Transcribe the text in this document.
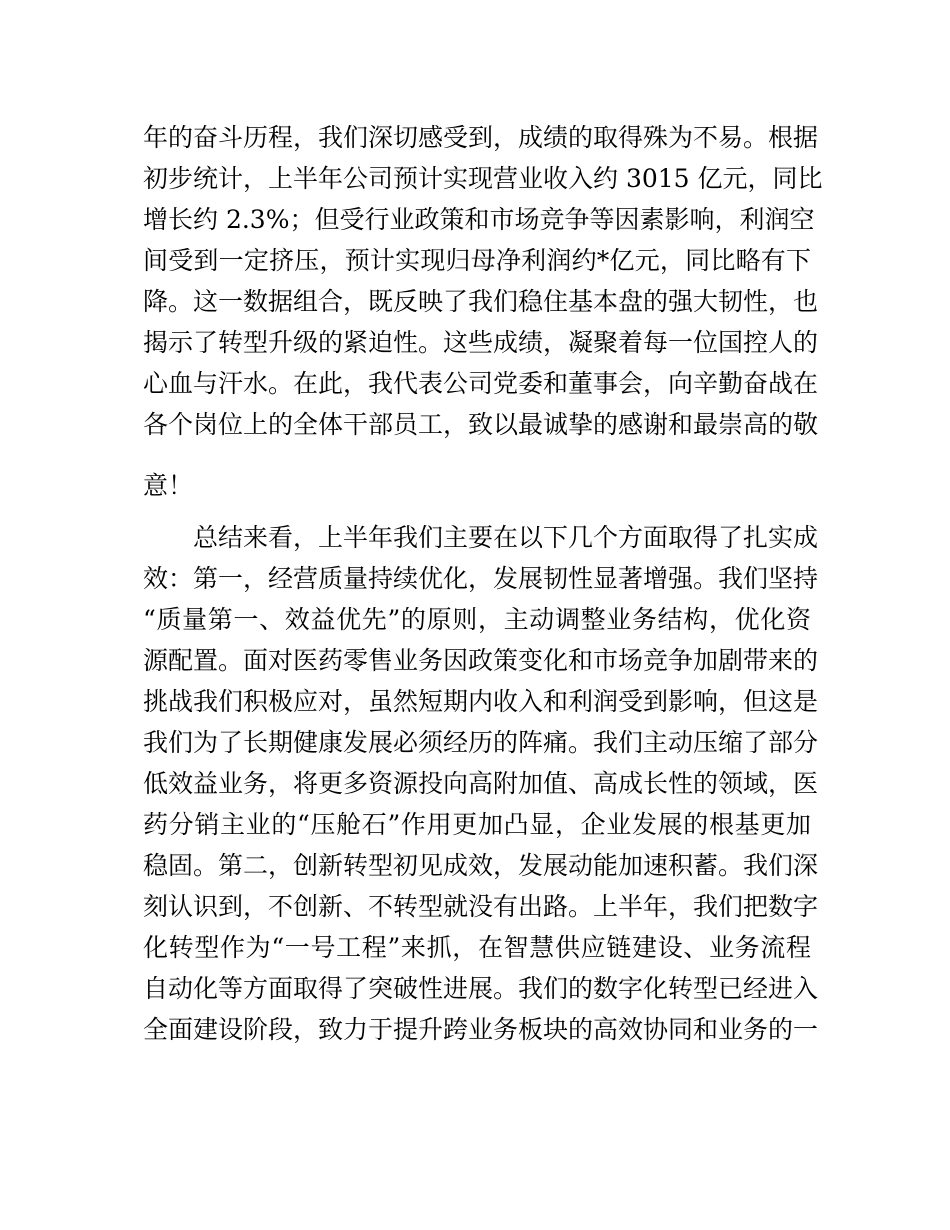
年的奋斗历程，我们深切感受到，成绩的取得殊为不易。根据
初步统计，上半年公司预计实现营业收入约 3015 亿元，同比
增长约 2.3%；但受行业政策和市场竞争等因素影响，利润空
间受到一定挤压，预计实现归母净利润约*亿元，同比略有下
降。这一数据组合，既反映了我们稳住基本盘的强大韧性，也
揭示了转型升级的紧迫性。这些成绩，凝聚着每一位国控人的
心血与汗水。在此，我代表公司党委和董事会，向辛勤奋战在
各个岗位上的全体干部员工，致以最诚挚的感谢和最崇高的敬
意！
总结来看，上半年我们主要在以下几个方面取得了扎实成
效：第一，经营质量持续优化，发展韧性显著增强。我们坚持
“质量第一、效益优先”的原则，主动调整业务结构，优化资
源配置。面对医药零售业务因政策变化和市场竞争加剧带来的
挑战我们积极应对，虽然短期内收入和利润受到影响，但这是
我们为了长期健康发展必须经历的阵痛。我们主动压缩了部分
低效益业务，将更多资源投向高附加值、高成长性的领域，医
药分销主业的“压舱石”作用更加凸显，企业发展的根基更加
稳固。第二，创新转型初见成效，发展动能加速积蓄。我们深
刻认识到，不创新、不转型就没有出路。上半年，我们把数字
化转型作为“一号工程”来抓，在智慧供应链建设、业务流程
自动化等方面取得了突破性进展。我们的数字化转型已经进入
全面建设阶段，致力于提升跨业务板块的高效协同和业务的一
